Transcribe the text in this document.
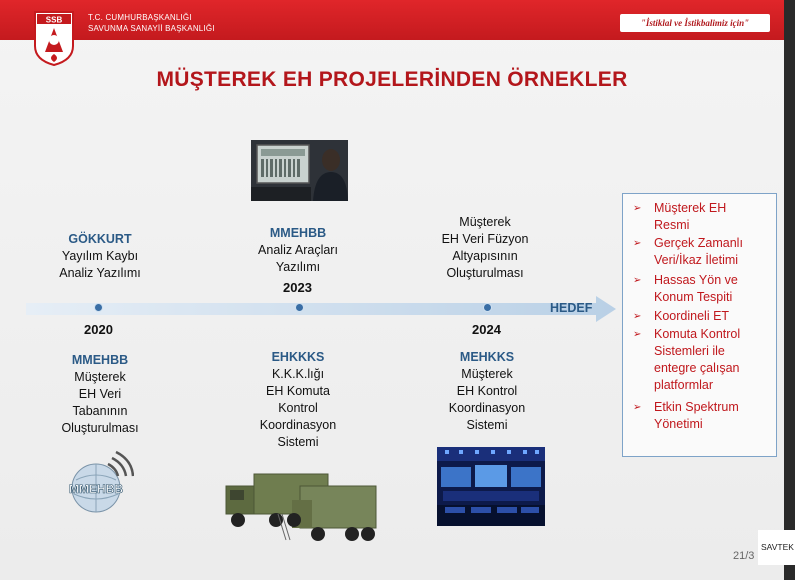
T.C. CUMHURBAŞKANLIĞI
SAVUNMA SANAYİİ BAŞKANLIĞI
"İstiklal ve İstikbalimiz için"
SSB
MÜŞTEREK EH PROJELERİNDEN ÖRNEKLER
GÖKKURT
Yayılım Kaybı
Analiz Yazılımı
MMEHBB
Analiz Araçları
Yazılımı
Müşterek
EH Veri Füzyon
Altyapısının
Oluşturulması
HEDEF
2020
2023
2024
MMEHBB
Müşterek
EH Veri
Tabanının
Oluşturulması
EHKKKS
K.K.K.lığı
EH Komuta
Kontrol
Koordinasyon
Sistemi
MEHKKS
Müşterek
EH Kontrol
Koordinasyon
Sistemi
MMEHBB
➢	Müşterek EH
Resmi
➢	Gerçek Zamanlı
Veri/İkaz İletimi
➢	Hassas Yön ve
Konum Tespiti
➢	Koordineli ET
➢	Komuta Kontrol
Sistemleri ile
entegre çalışan
platformlar
➢	Etkin Spektrum
Yönetimi
21/3
SAVTEK
